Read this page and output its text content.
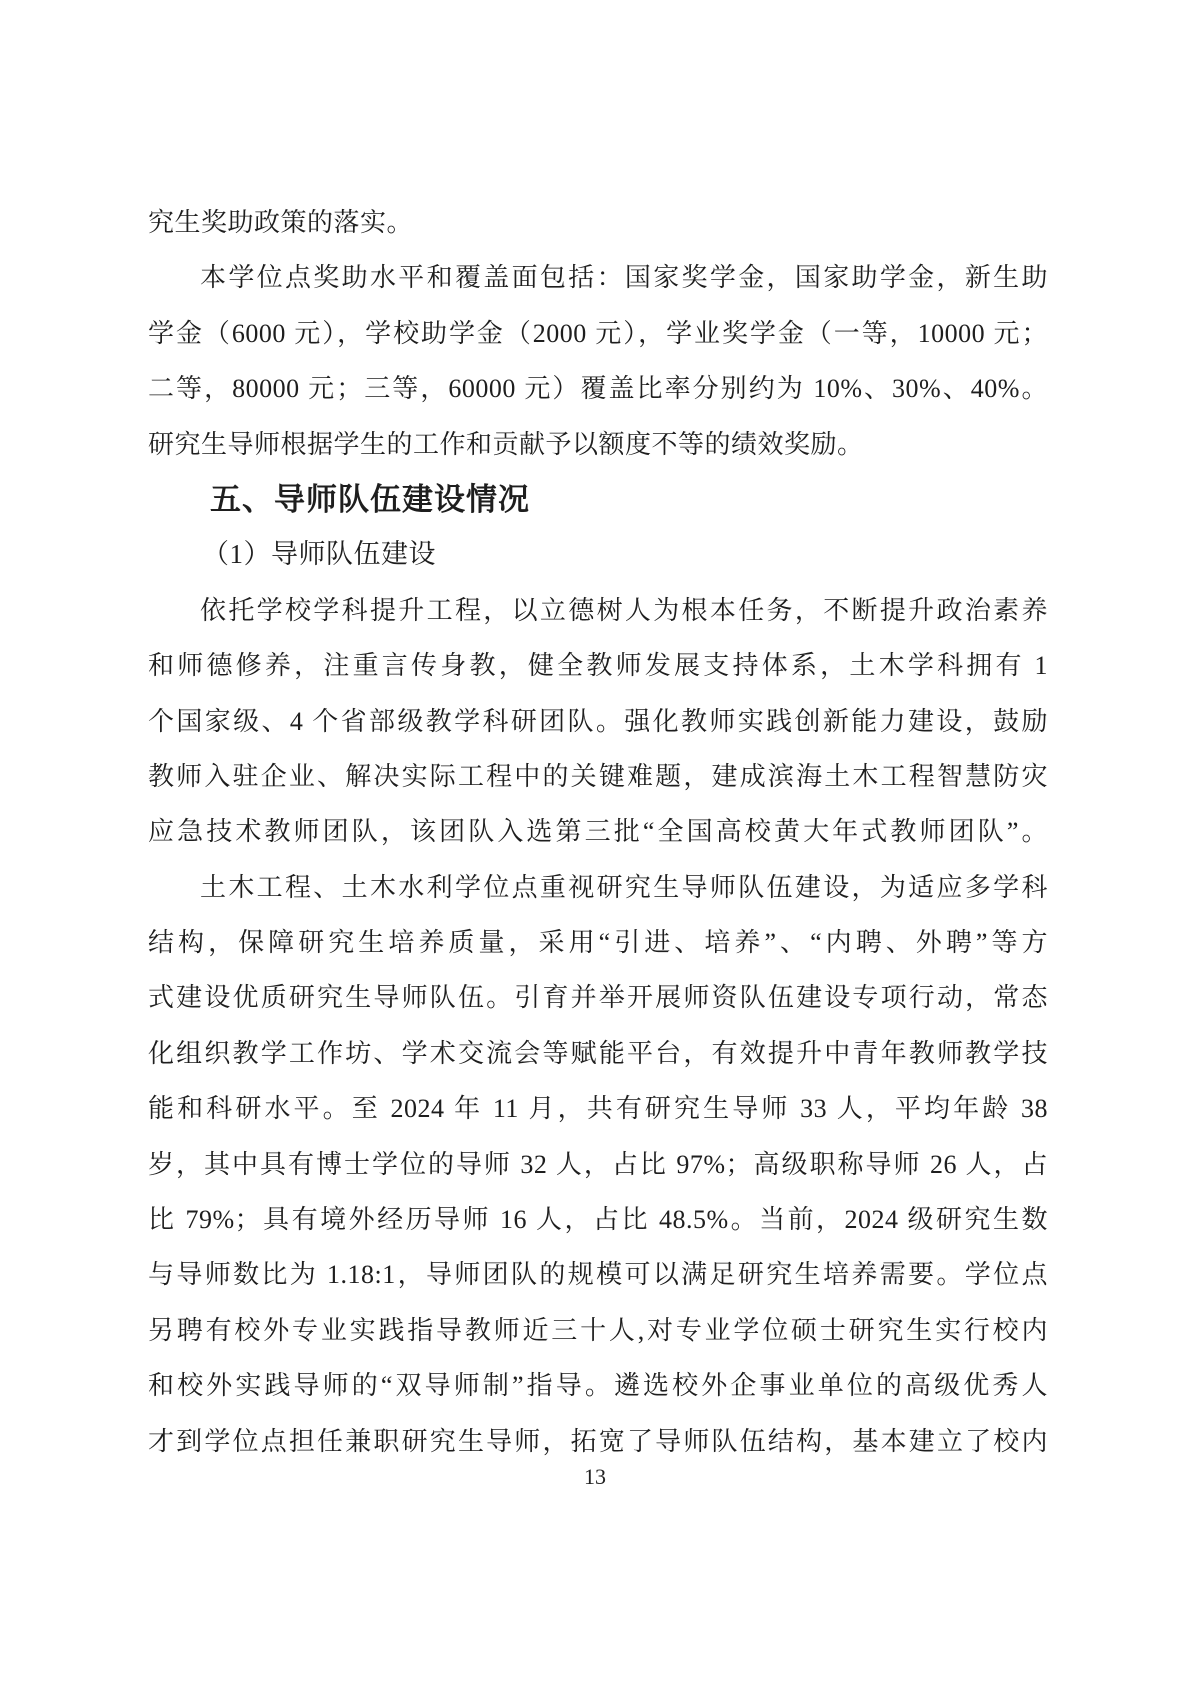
究生奖助政策的落实。
本学位点奖助水平和覆盖面包括：国家奖学金，国家助学金，新生助
学金（6000 元），学校助学金（2000 元），学业奖学金（一等，10000 元；
二等，80000 元；三等，60000 元）覆盖比率分别约为 10%、30%、40%。
研究生导师根据学生的工作和贡献予以额度不等的绩效奖励。
五、导师队伍建设情况
（1）导师队伍建设
依托学校学科提升工程，以立德树人为根本任务，不断提升政治素养
和师德修养，注重言传身教，健全教师发展支持体系，土木学科拥有 1
个国家级、4 个省部级教学科研团队。强化教师实践创新能力建设，鼓励
教师入驻企业、解决实际工程中的关键难题，建成滨海土木工程智慧防灾
应急技术教师团队，该团队入选第三批“全国高校黄大年式教师团队”。
土木工程、土木水利学位点重视研究生导师队伍建设，为适应多学科
结构，保障研究生培养质量，采用“引进、培养”、“内聘、外聘”等方
式建设优质研究生导师队伍。引育并举开展师资队伍建设专项行动，常态
化组织教学工作坊、学术交流会等赋能平台，有效提升中青年教师教学技
能和科研水平。至 2024 年 11 月，共有研究生导师 33 人，平均年龄 38
岁，其中具有博士学位的导师 32 人，占比 97%；高级职称导师 26 人，占
比 79%；具有境外经历导师 16 人，占比 48.5%。当前，2024 级研究生数
与导师数比为 1.18:1，导师团队的规模可以满足研究生培养需要。学位点
另聘有校外专业实践指导教师近三十人,对专业学位硕士研究生实行校内
和校外实践导师的“双导师制”指导。遴选校外企事业单位的高级优秀人
才到学位点担任兼职研究生导师，拓宽了导师队伍结构，基本建立了校内
13
